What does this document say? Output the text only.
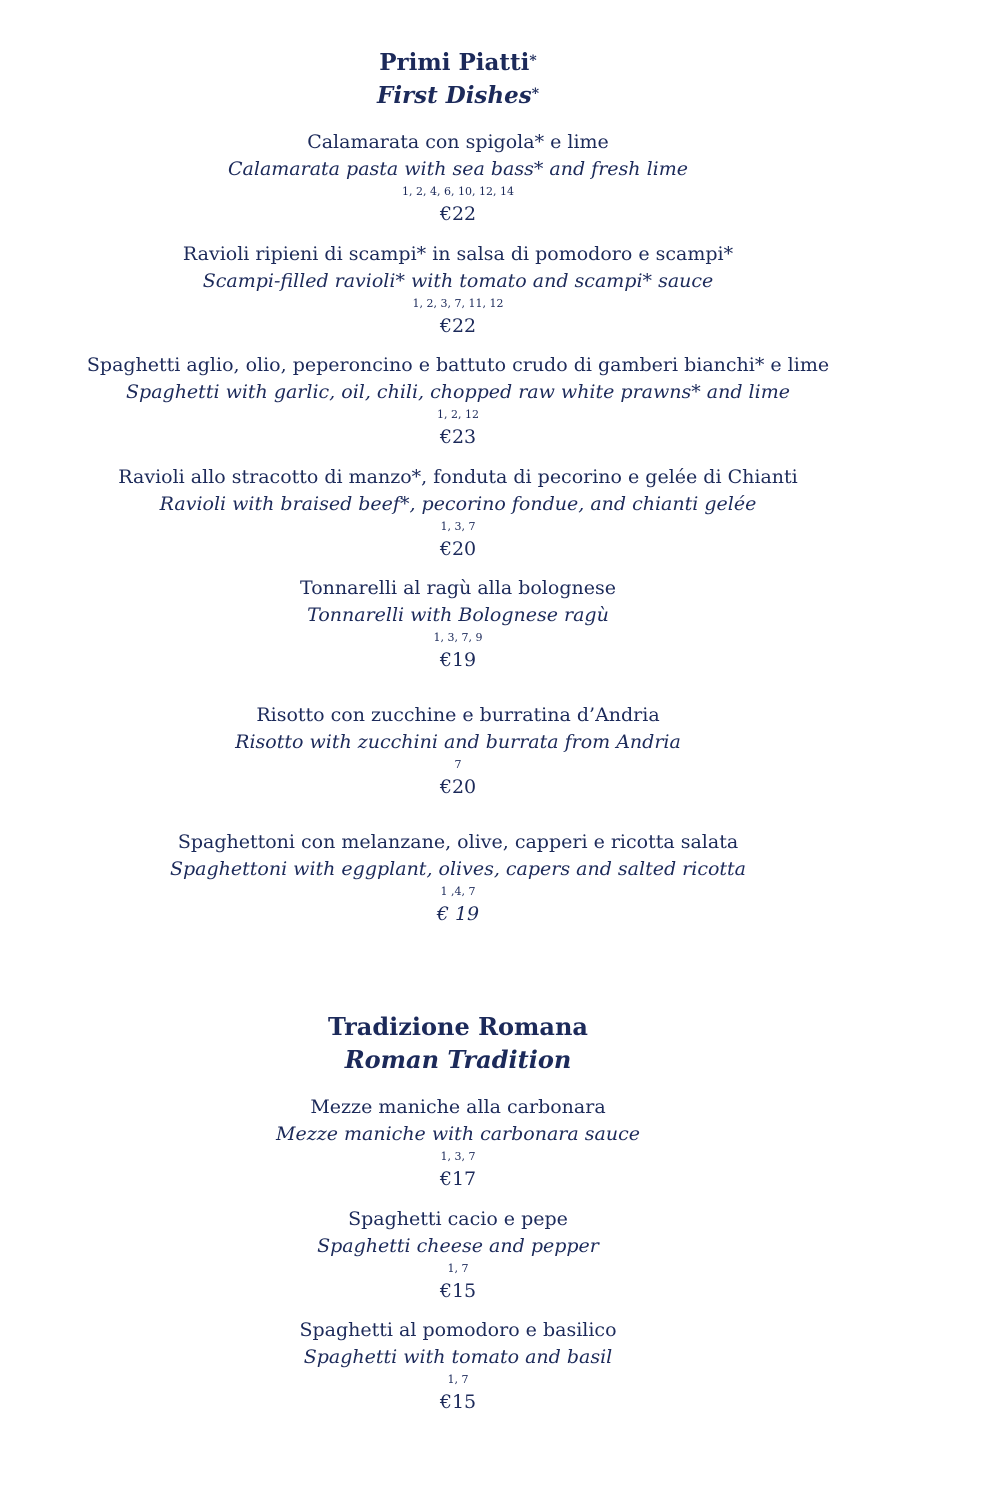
Primi Piatti*
First Dishes*
Calamarata con spigola* e lime
Calamarata pasta with sea bass* and fresh lime
1, 2, 4, 6, 10, 12, 14
€22
Ravioli ripieni di scampi* in salsa di pomodoro e scampi*
Scampi-filled ravioli* with tomato and scampi* sauce
1, 2, 3, 7, 11, 12
€22
Spaghetti aglio, olio, peperoncino e battuto crudo di gamberi bianchi* e lime
Spaghetti with garlic, oil, chili, chopped raw white prawns* and lime
1, 2, 12
€23
Ravioli allo stracotto di manzo*, fonduta di pecorino e gelée di Chianti
Ravioli with braised beef*, pecorino fondue, and chianti gelée
1, 3, 7
€20
Tonnarelli al ragù alla bolognese
Tonnarelli with Bolognese ragù
1, 3, 7, 9
€19
Risotto con zucchine e burratina d’Andria
Risotto with zucchini and burrata from Andria
7
€20
Spaghettoni con melanzane, olive, capperi e ricotta salata
Spaghettoni with eggplant, olives, capers and salted ricotta
1 ,4, 7
€ 19
Tradizione Romana
Roman Tradition
Mezze maniche alla carbonara
Mezze maniche with carbonara sauce
1, 3, 7
€17
Spaghetti cacio e pepe
Spaghetti cheese and pepper
1, 7
€15
Spaghetti al pomodoro e basilico
Spaghetti with tomato and basil
1, 7
€15
